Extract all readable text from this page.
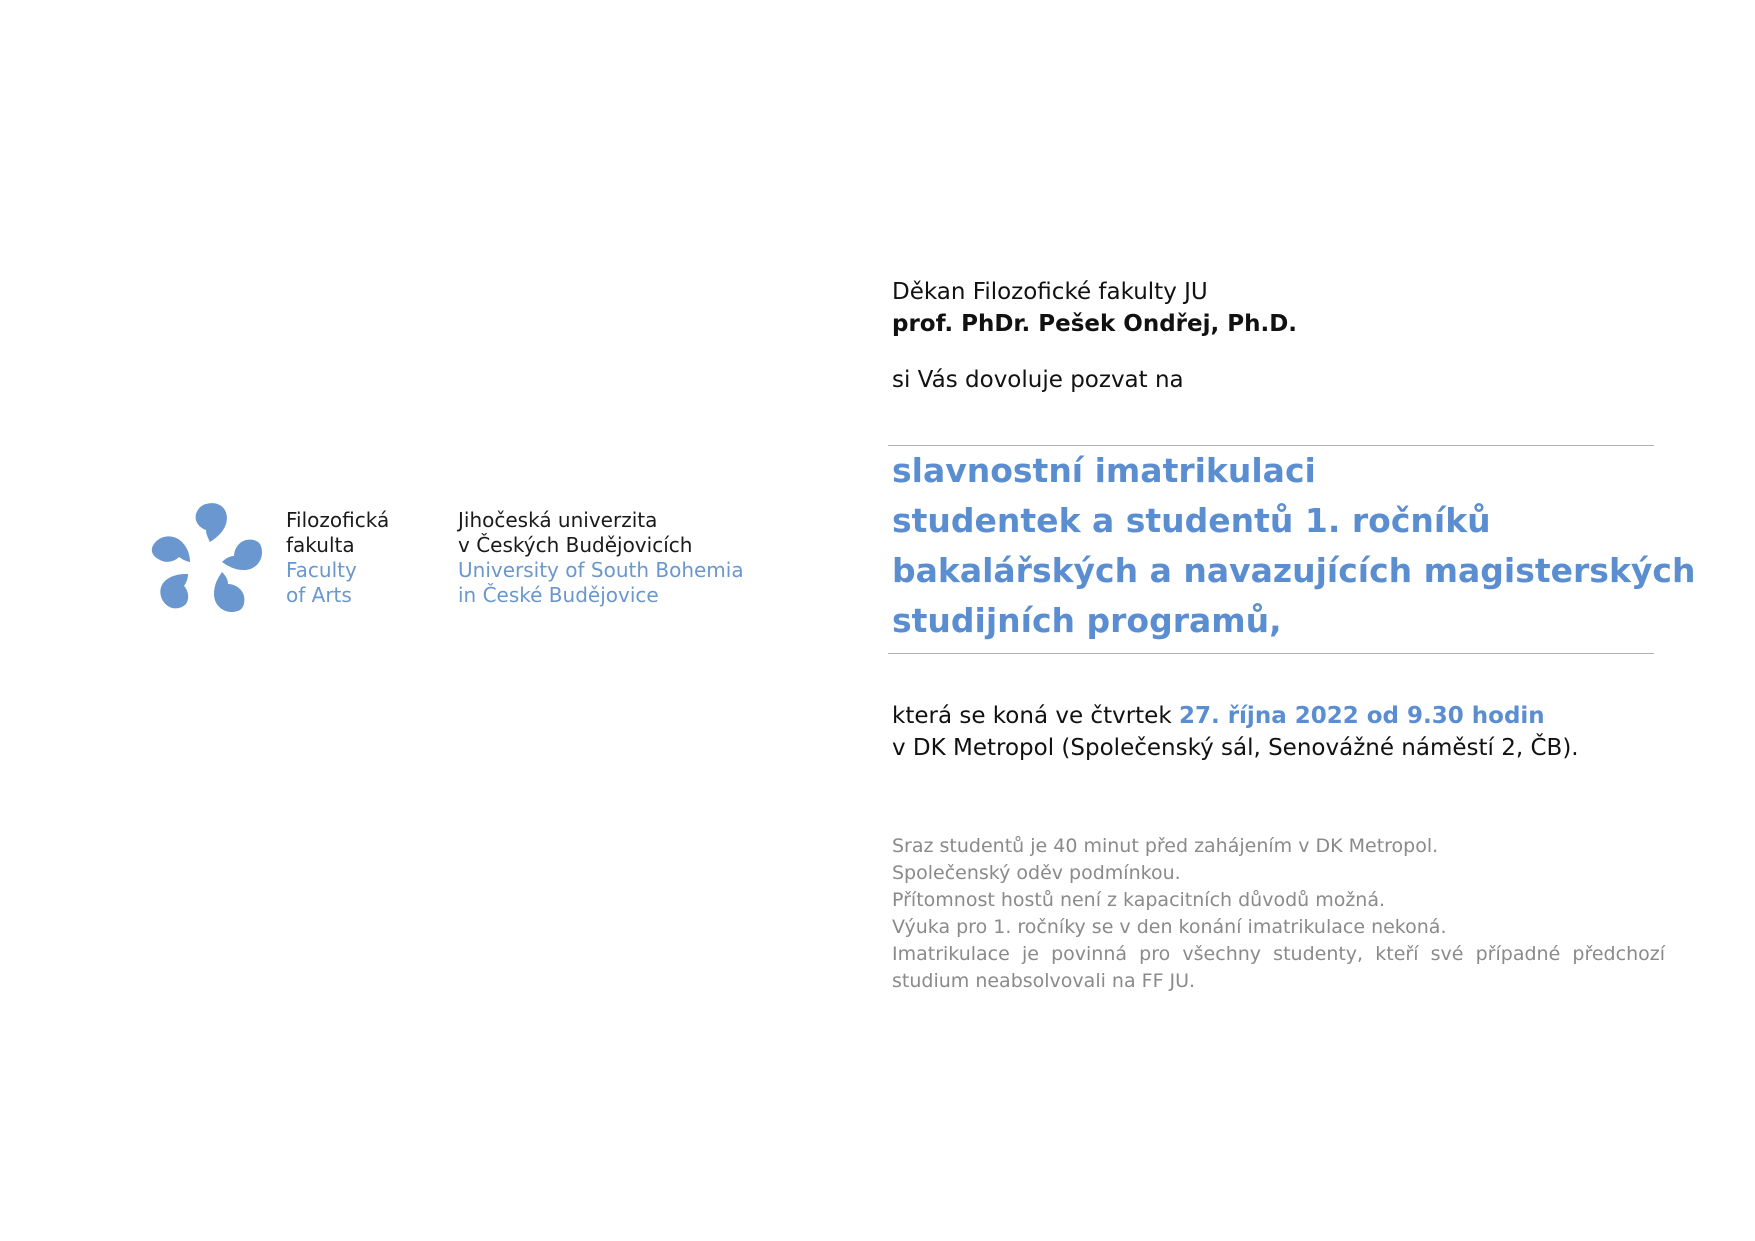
Filozofická
fakulta
Faculty
of Arts
Jihočeská univerzita
v Českých Budějovicích
University of South Bohemia
in České Budějovice
Děkan Filozofické fakulty JU
prof. PhDr. Pešek Ondřej, Ph.D.
si Vás dovoluje pozvat na
slavnostní imatrikulaci
studentek a studentů 1. ročníků
bakalářských a navazujících magisterských
studijních programů,
která se koná ve čtvrtek 27. října 2022 od 9.30 hodin
v DK Metropol (Společenský sál, Senovážné náměstí 2, ČB).
Sraz studentů je 40 minut před zahájením v DK Metropol.
Společenský oděv podmínkou.
Přítomnost hostů není z kapacitních důvodů možná.
Výuka pro 1. ročníky se v den konání imatrikulace nekoná.
Imatrikulace je povinná pro všechny studenty, kteří své případné předchozí studium neabsolvovali na FF JU.
